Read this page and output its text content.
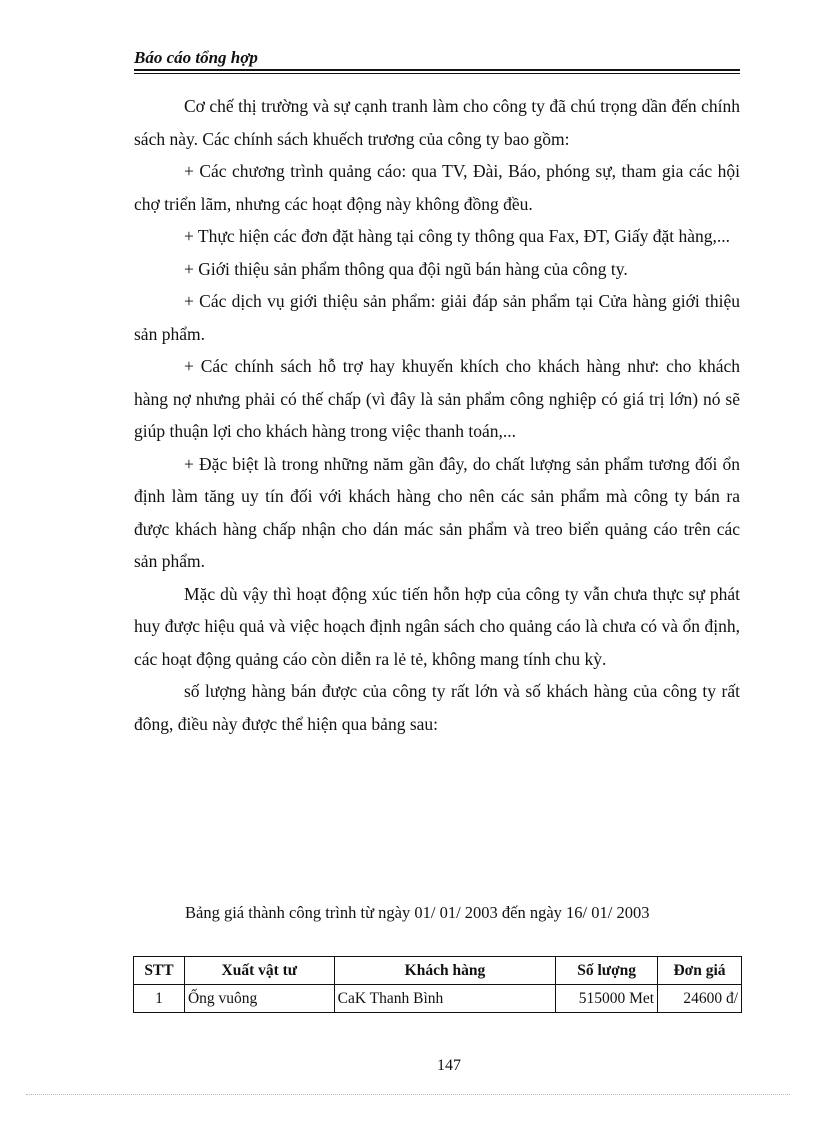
Báo cáo tổng hợp

Cơ chế thị trường và sự cạnh tranh làm cho công ty đã chú trọng dần đến chính sách này. Các chính sách khuếch trương của công ty bao gồm:

+ Các chương trình quảng cáo: qua TV, Đài, Báo, phóng sự, tham gia các hội chợ triển lãm, nhưng các hoạt động này không đồng đều.

+ Thực hiện các đơn đặt hàng tại công ty thông qua Fax, ĐT, Giấy đặt hàng,...

+ Giới thiệu sản phẩm thông qua đội ngũ bán hàng của công ty.

+ Các dịch vụ giới thiệu sản phẩm: giải đáp sản phẩm tại Cửa hàng giới thiệu sản phẩm.

+ Các chính sách hỗ trợ hay khuyến khích cho khách hàng như: cho khách hàng nợ nhưng phải có thế chấp (vì đây là sản phẩm công nghiệp có giá trị lớn) nó sẽ giúp thuận lợi cho khách hàng trong việc thanh toán,...

+ Đặc biệt là trong những năm gần đây, do chất lượng sản phẩm tương đối ổn định làm tăng uy tín đối với khách hàng cho nên các sản phẩm mà công ty bán ra được khách hàng chấp nhận cho dán mác sản phẩm và treo biển quảng cáo trên các sản phẩm.

Mặc dù vậy thì hoạt động xúc tiến hỗn hợp của công ty vẫn chưa thực sự phát huy được hiệu quả và việc hoạch định ngân sách cho quảng cáo là chưa có và ổn định, các hoạt động quảng cáo còn diễn ra lẻ tẻ, không mang tính chu kỳ.

số lượng hàng bán được của công ty rất lớn và số khách hàng của công ty rất đông, điều này được thể hiện qua bảng sau:

Bảng giá thành công trình từ ngày 01/ 01/ 2003 đến ngày 16/ 01/ 2003
STT	Xuất vật tư	Khách hàng	Số lượng	Đơn giá
1	Ống vuông	CaK Thanh Bình	515000 Met	24600 đ/
147
